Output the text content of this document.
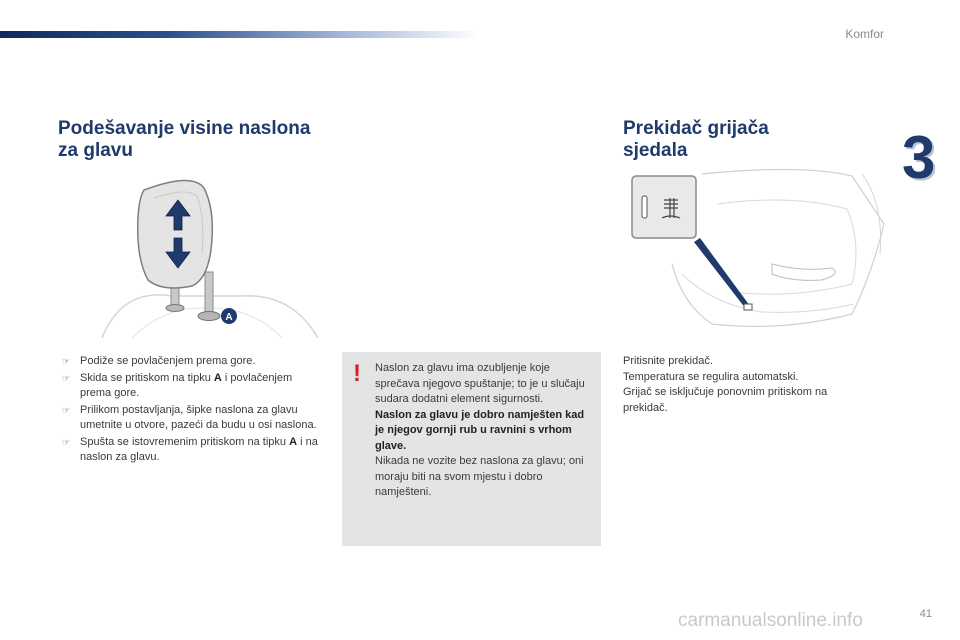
Komfor
3
Podešavanje visine naslona
za glavu
Prekidač grijača
sjedala
A
☞ Podiže se povlačenjem prema gore.
☞ Skida se pritiskom na tipku A i povlačenjem prema gore.
☞ Prilikom postavljanja, šipke naslona za glavu umetnite u otvore, pazeći da budu u osi naslona.
☞ Spušta se istovremenim pritiskom na tipku A i na naslon za glavu.
! Naslon za glavu ima ozubljenje koje sprečava njegovo spuštanje; to je u slučaju sudara dodatni element sigurnosti.

Naslon za glavu je dobro namješten kad je njegov gornji rub u ravnini s vrhom glave.

Nikada ne vozite bez naslona za glavu; oni moraju biti na svom mjestu i dobro namješteni.

Pritisnite prekidač.

Temperatura se regulira automatski.

Grijač se isključuje ponovnim pritiskom na prekidač.

carmanualsonline.info	41
